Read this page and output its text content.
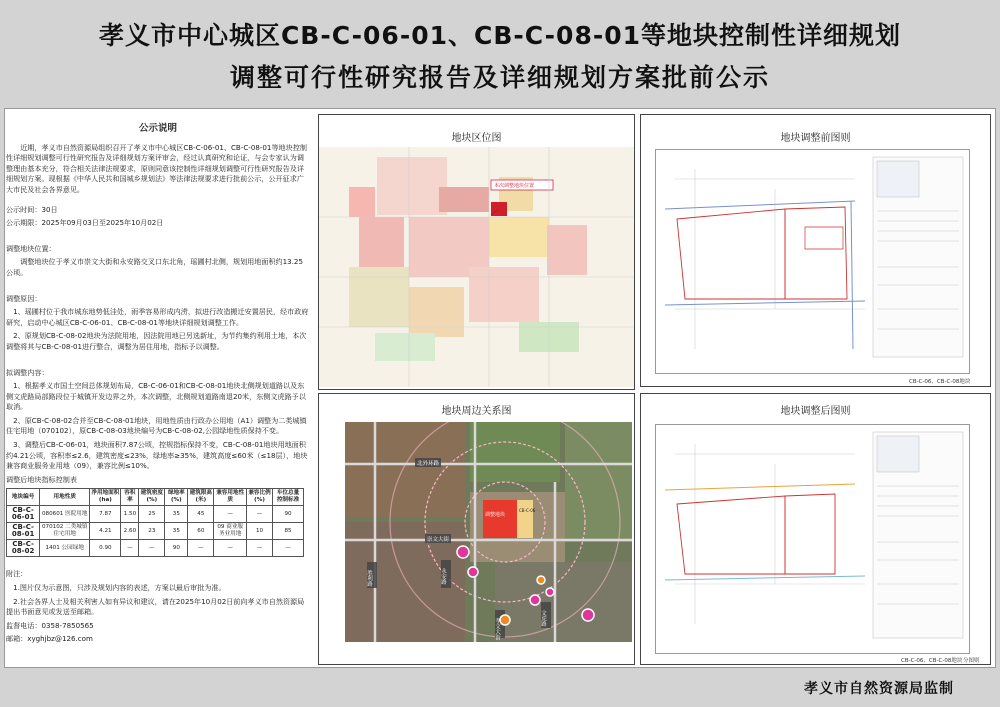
孝义市中心城区CB-C-06-01、CB-C-08-01等地块控制性详细规划
调整可行性研究报告及详细规划方案批前公示
公示说明

近期，孝义市自然资源局组织召开了孝义市中心城区CB-C-06-01、CB-C-08-01等地块控制性详细规划调整可行性研究报告及详细规划方案评审会，经过认真研究和论证，与会专家认为调整理由基本充分，符合相关法律法规要求，原则同意该控制性详细规划调整可行性研究报告及详细规划方案。现根据《中华人民共和国城乡规划法》等法律法规要求进行批前公示，公开征求广大市民及社会各界意见。

公示时间：30日

公示期限：2025年09月03日至2025年10月02日

调整地块位置：

调整地块位于孝义市崇文大街和永安路交叉口东北角，瑶圃村北侧，规划用地面积约13.25公顷。

调整原因：

1、瑶圃村位于我市城东地势低洼处，雨季容易形成内涝，拟进行改造搬迁安置居民，经市政府研究，启动中心城区CB-C-06-01、CB-C-08-01等地块详细规划调整工作。

2、原规划CB-C-08-02地块为法院用地，因法院用地已另选新址，为节约集约利用土地，本次调整将其与CB-C-08-01进行整合，调整为居住用地，指标予以调整。

拟调整内容：

1、根据孝义市国土空间总体规划布局，CB-C-06-01和CB-C-08-01地块北侧规划道路以及东侧文虎路局部路段位于城镇开发边界之外，本次调整，北侧规划道路南退20米，东侧文虎路予以取消。

2、原CB-C-08-02合并至CB-C-08-01地块，用地性质由行政办公用地（A1）调整为二类城镇住宅用地（070102），原CB-C-08-03地块编号为CB-C-08-02,公园绿地性质保持不变。

3、调整后CB-C-06-01，地块面积7.87公顷，控规指标保持不变，CB-C-08-01地块用地面积约4.21公顷，容积率≤2.6，建筑密度≤23%，绿地率≥35%，建筑高度≤60米（≤18层），地块兼容商业服务业用地（09），兼容比例≤10%。

调整后地块指标控制表

地块编号	用地性质	净用地面积(ha)	容积率	建筑密度(%)	绿地率(%)	建筑限高(米)	兼容用地性质	兼容比例(%)	车位总量控制标准
CB-C-06-01	080601 医院用地	7.87	1.50	25	35	45	—	—	90
CB-C-08-01	070102 二类城镇住宅用地	4.21	2.60	23	35	60	09 商业服务业用地	10	85
CB-C-08-02	1401 公园绿地	0.90	—	—	90	—	—	—	—

附注：

1.图片仅为示意图，只涉及规划内容的表述，方案以最后审批为准。

2.社会各界人士及相关利害人如有异议和建议，请在2025年10月02日前向孝义市自然资源局提出书面意见或发送至邮箱。

监督电话：0358-7850565

邮箱：xyghjbz@126.com

地块区位图
本次调整地块位置
地块周边关系图
调整地块
CB-C-06
北外环路
崇文大街
永安路
胜利路
文虎路
孝文大街
地块调整前图则
CB-C-06、CB-C-08地块
地块调整后图则
CB-C-06、CB-C-08地块 分图则
孝义市自然资源局监制
